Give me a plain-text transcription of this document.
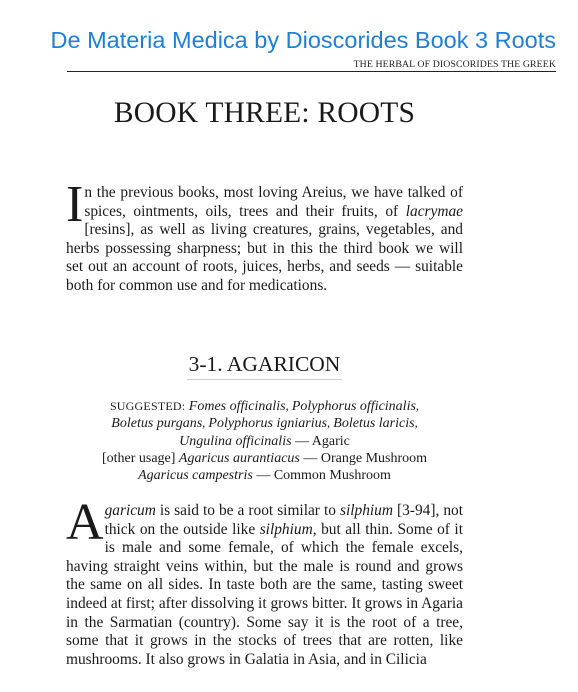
De Materia Medica by Dioscorides Book 3 Roots
THE HERBAL OF DIOSCORIDES THE GREEK
BOOK THREE: ROOTS

In the previous books, most loving Areius, we have talked of spices, ointments, oils, trees and their fruits, of lacrymae [resins], as well as living creatures, grains, vegetables, and herbs possessing sharpness; but in this the third book we will set out an account of roots, juices, herbs, and seeds — suitable both for common use and for medications.

3-1. AGARICON
SUGGESTED: Fomes officinalis, Polyphorus officinalis,
Boletus purgans, Polyphorus igniarius, Boletus laricis,
Ungulina officinalis — Agaric
[other usage] Agaricus aurantiacus — Orange Mushroom
Agaricus campestris — Common Mushroom

Agaricum is said to be a root similar to silphium [3-94], not thick on the outside like silphium, but all thin. Some of it is male and some female, of which the female excels, having straight veins within, but the male is round and grows the same on all sides. In taste both are the same, tasting sweet indeed at first; after dissolving it grows bitter. It grows in Agaria in the Sarmatian (country). Some say it is the root of a tree, some that it grows in the stocks of trees that are rotten, like mushrooms. It also grows in Galatia in Asia, and in Cilicia
